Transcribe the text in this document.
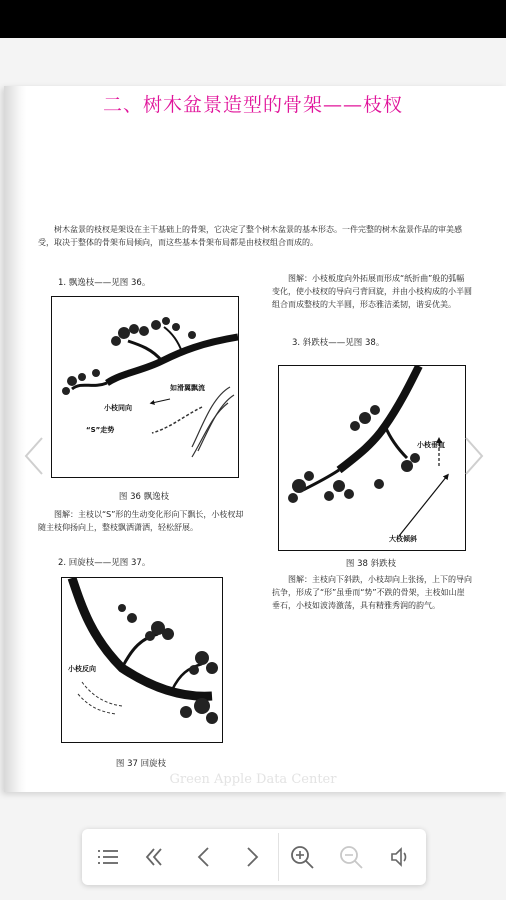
二、树木盆景造型的骨架——枝杈

树木盆景的枝杈是架设在主干基础上的骨架，它决定了整个树木盆景的基本形态。一件完整的树木盆景作品的审美感受，取决于整体的骨架布局倾向，而这些基本骨架布局都是由枝杈组合而成的。

1. 飘逸枝——见图 36。
如滑翼飘流
小枝同向
“S”走势
图 36 飘逸枝

图解：主枝以“S”形的生动变化形向下飘长，小枝杈却随主枝仰扬向上，整枝飘洒潇洒，轻松舒展。

2. 回旋枝——见图 37。
小枝反向
图 37 回旋枝

图解：小枝板度向外拓展而形成“纸折曲”般的弧幅变化，使小枝杈的导向弓背回旋，并由小枝构成的小半圆组合而成整枝的大半圆，形态雅洁柔韧，谐妥优美。

3. 斜跌枝——见图 38。
小枝垂直
大枝倾斜
图 38 斜跌枝

图解：主枝向下斜跌，小枝却向上张扬，上下的导向抗争，形成了“形”虽垂而“势”不跌的骨架，主枝如山崖垂石，小枝如波涛激荡，具有精雅秀润的韵气。

Green Apple Data Center
